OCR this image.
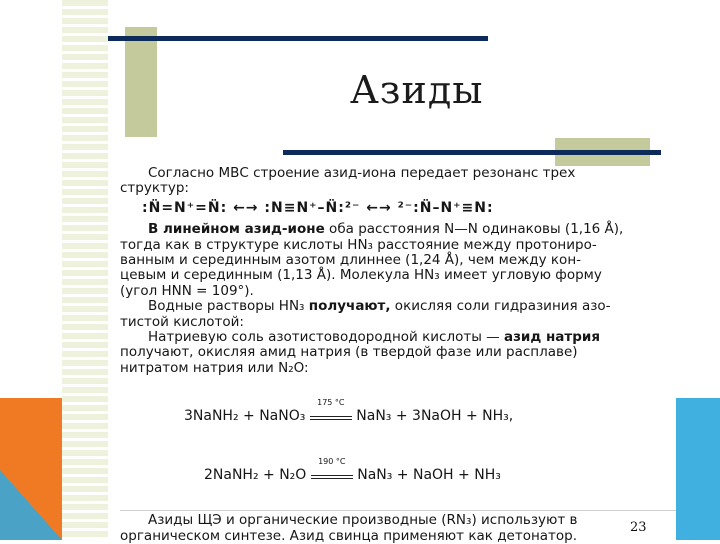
Азиды

Согласно МВС строение азид-иона передает резонанс трех

структур:

:N̈=N⁺=N̈: ←→ :N≡N⁺–N̈:²⁻ ←→ ²⁻:N̈–N⁺≡N:

В линейном азид-ионе оба расстояния N—N одинаковы (1,16 Å),

тогда как в структуре кислоты HN₃ расстояние между протониро-

ванным и серединным азотом длиннее (1,24 Å), чем между кон-

цевым и серединным (1,13 Å). Молекула HN₃ имеет угловую форму

(угол HNN = 109°).

Водные растворы HN₃ получают, окисляя соли гидразиния азо-

тистой кислотой:

Натриевую соль азотистоводородной кислоты — азид натрия

получают, окисляя амид натрия (в твердой фазе или расплаве)

нитратом натрия или N₂O:

3NaNH₂ + NaNO₃
175 °C
NaN₃ + 3NaOH + NH₃,

2NaNH₂ + N₂O
190 °C
NaN₃ + NaOH + NH₃

Азиды ЩЭ и органические производные (RN₃) используют в

органическом синтезе. Азид свинца применяют как детонатор.	23
